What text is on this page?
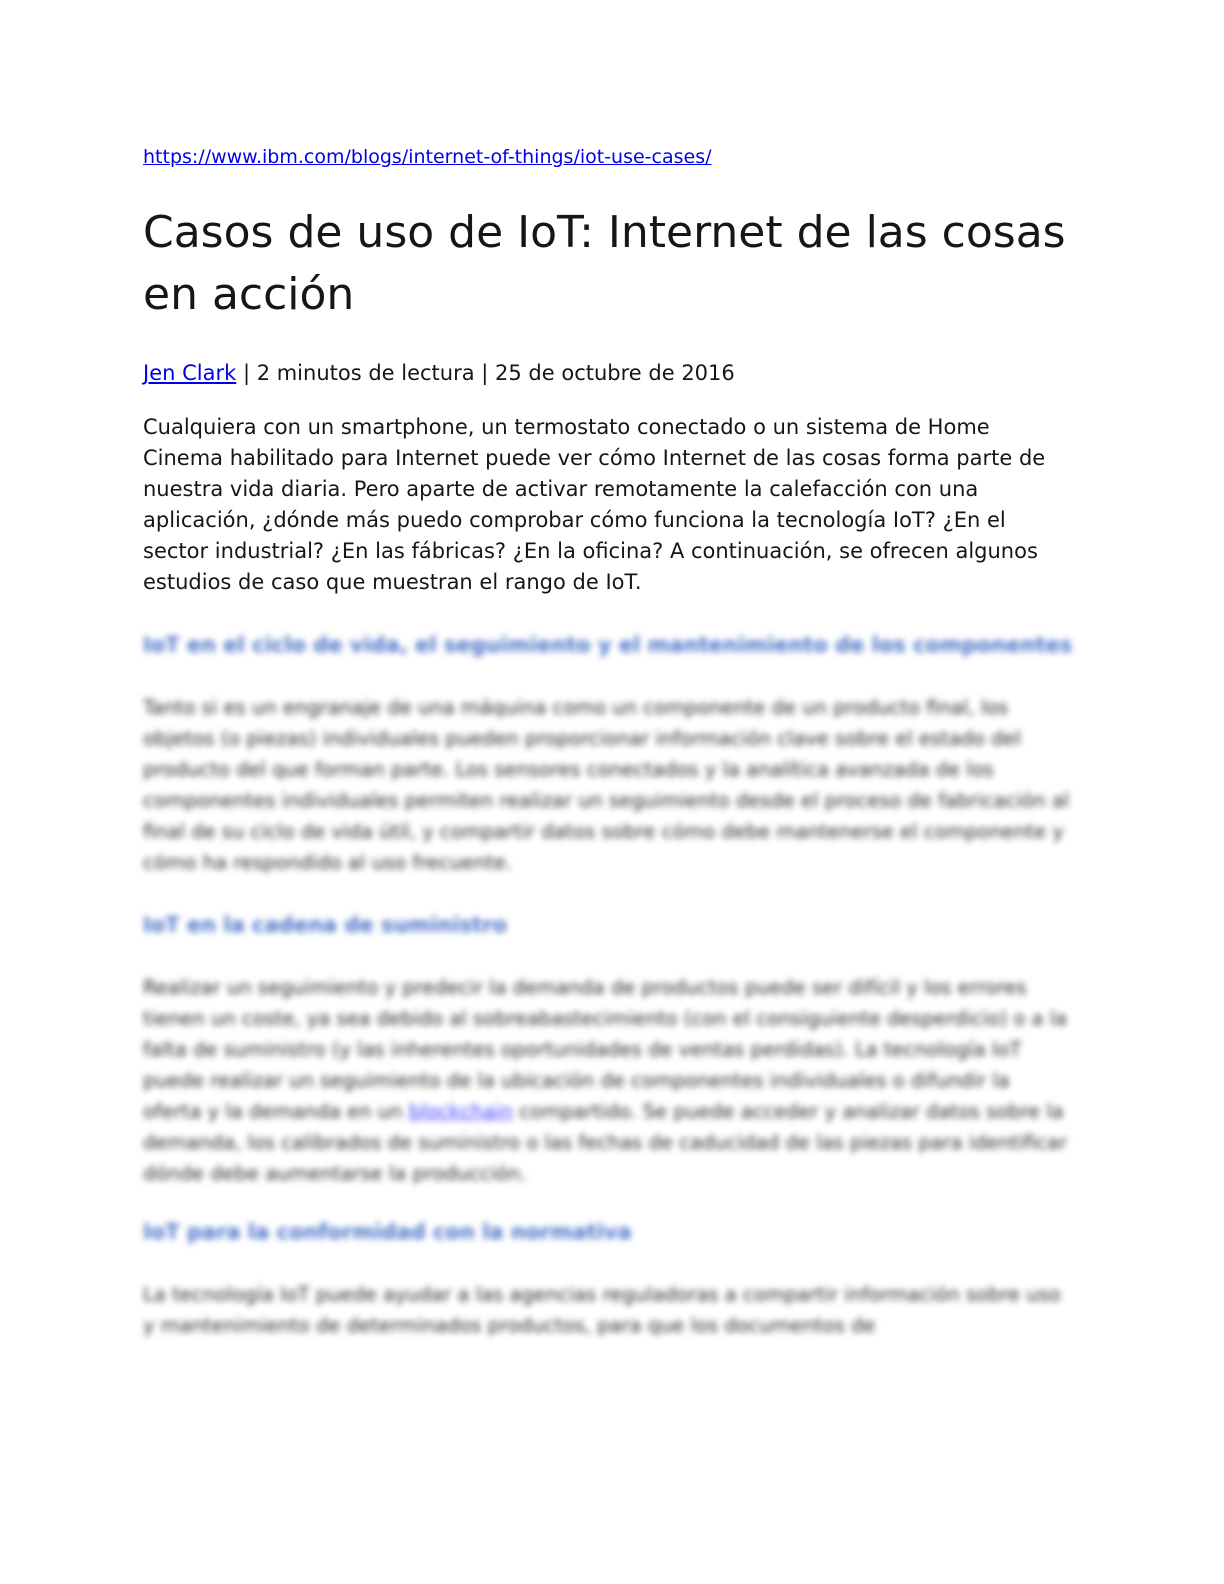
https://www.ibm.com/blogs/internet-of-things/iot-use-cases/
Casos de uso de IoT: Internet de las cosas en acción
Jen Clark | 2 minutos de lectura | 25 de octubre de 2016

Cualquiera con un smartphone, un termostato conectado o un sistema de Home Cinema habilitado para Internet puede ver cómo Internet de las cosas forma parte de nuestra vida diaria. Pero aparte de activar remotamente la calefacción con una aplicación, ¿dónde más puedo comprobar cómo funciona la tecnología IoT? ¿En el sector industrial? ¿En las fábricas? ¿En la oficina? A continuación, se ofrecen algunos estudios de caso que muestran el rango de IoT.

IoT en el ciclo de vida, el seguimiento y el mantenimiento de los componentes

Tanto si es un engranaje de una máquina como un componente de un producto final, los objetos (o piezas) individuales pueden proporcionar información clave sobre el estado del producto del que forman parte. Los sensores conectados y la analítica avanzada de los componentes individuales permiten realizar un seguimiento desde el proceso de fabricación al final de su ciclo de vida útil, y compartir datos sobre cómo debe mantenerse el componente y cómo ha respondido al uso frecuente.

IoT en la cadena de suministro

Realizar un seguimiento y predecir la demanda de productos puede ser difícil y los errores tienen un coste, ya sea debido al sobreabastecimiento (con el consiguiente desperdicio) o a la falta de suministro (y las inherentes oportunidades de ventas perdidas). La tecnología IoT puede realizar un seguimiento de la ubicación de componentes individuales o difundir la oferta y la demanda en un blockchain compartido. Se puede acceder y analizar datos sobre la demanda, los calibrados de suministro o las fechas de caducidad de las piezas para identificar dónde debe aumentarse la producción.

IoT para la conformidad con la normativa

La tecnología IoT puede ayudar a las agencias reguladoras a compartir información sobre uso y mantenimiento de determinados productos, para que los documentos de
